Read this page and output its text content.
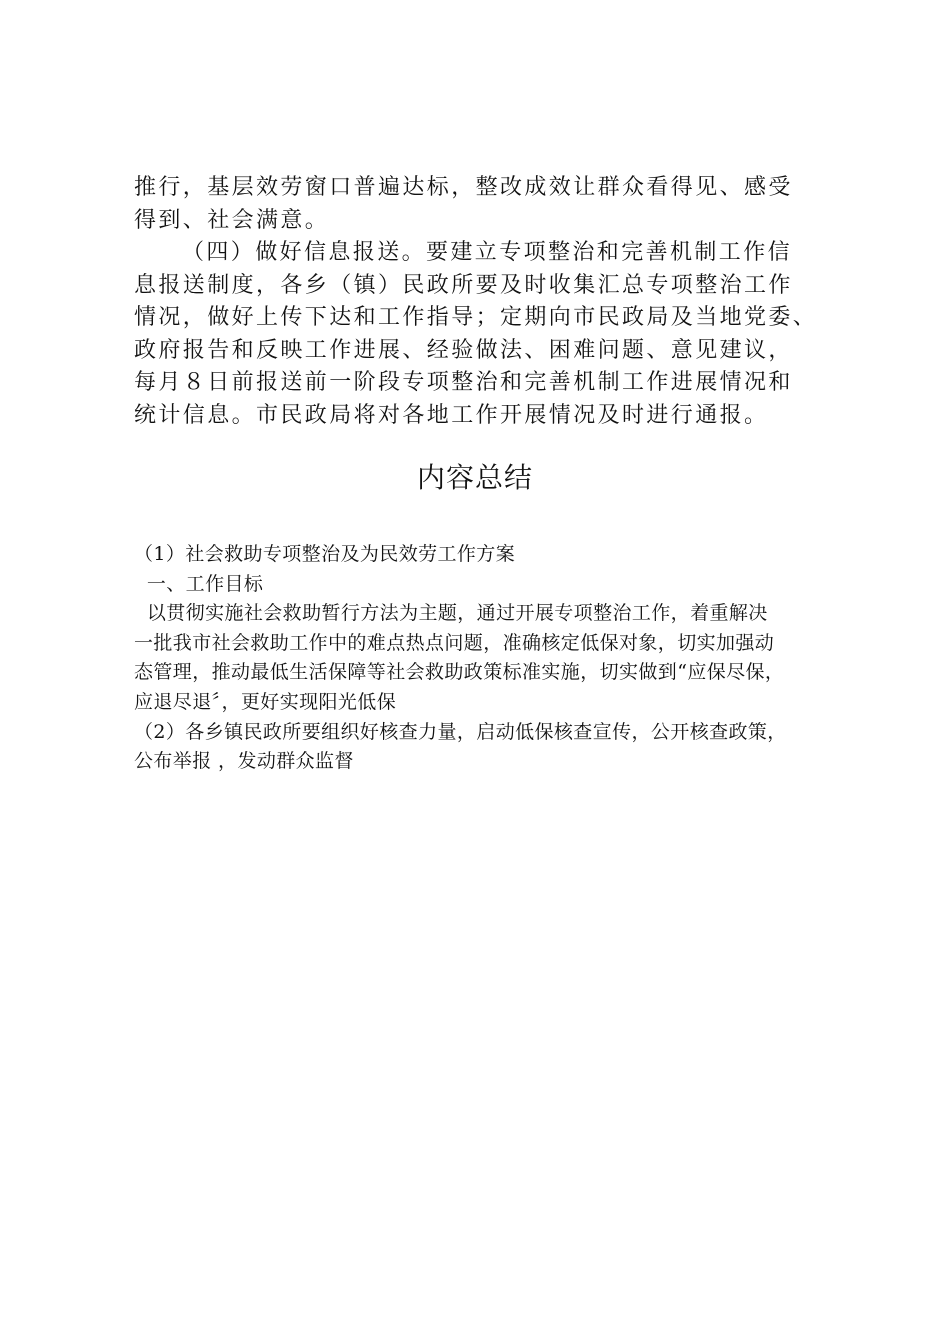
推行，基层效劳窗口普遍达标，整改成效让群众看得见、感受
得到、社会满意。
（四）做好信息报送。要建立专项整治和完善机制工作信
息报送制度，各乡（镇）民政所要及时收集汇总专项整治工作
情况，做好上传下达和工作指导；定期向市民政局及当地党委、
政府报告和反映工作进展、经验做法、困难问题、意见建议，
每月８日前报送前一阶段专项整治和完善机制工作进展情况和
统计信息。市民政局将对各地工作开展情况及时进行通报。
内容总结
（1）社会救助专项整治及为民效劳工作方案
一、工作目标
以贯彻实施社会救助暂行方法为主题，通过开展专项整治工作，着重解决
一批我市社会救助工作中的难点热点问题，准确核定低保对象，切实加强动
态管理，推动最低生活保障等社会救助政策标准实施，切实做到“应保尽保，
应退尽退〞，更好实现阳光低保
（2）各乡镇民政所要组织好核查力量，启动低保核查宣传，公开核查政策，
公布举报 ，发动群众监督
